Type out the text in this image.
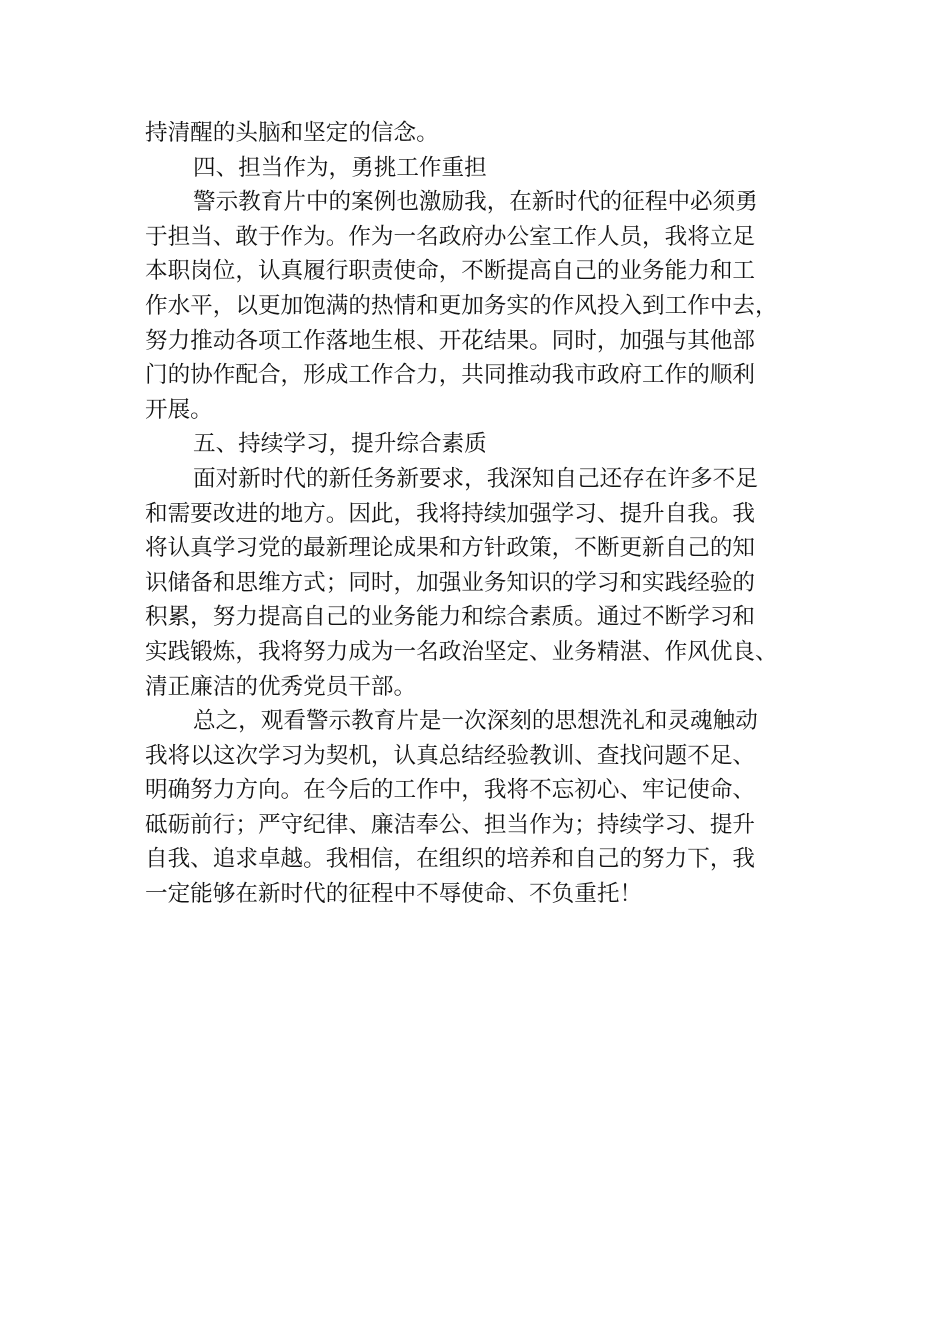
持清醒的头脑和坚定的信念。
四、担当作为，勇挑工作重担
警示教育片中的案例也激励我，在新时代的征程中必须勇
于担当、敢于作为。作为一名政府办公室工作人员，我将立足
本职岗位，认真履行职责使命，不断提高自己的业务能力和工
作水平，以更加饱满的热情和更加务实的作风投入到工作中去，
努力推动各项工作落地生根、开花结果。同时，加强与其他部
门的协作配合，形成工作合力，共同推动我市政府工作的顺利
开展。
五、持续学习，提升综合素质
面对新时代的新任务新要求，我深知自己还存在许多不足
和需要改进的地方。因此，我将持续加强学习、提升自我。我
将认真学习党的最新理论成果和方针政策，不断更新自己的知
识储备和思维方式；同时，加强业务知识的学习和实践经验的
积累，努力提高自己的业务能力和综合素质。通过不断学习和
实践锻炼，我将努力成为一名政治坚定、业务精湛、作风优良、
清正廉洁的优秀党员干部。
总之，观看警示教育片是一次深刻的思想洗礼和灵魂触动
我将以这次学习为契机，认真总结经验教训、查找问题不足、
明确努力方向。在今后的工作中，我将不忘初心、牢记使命、
砥砺前行；严守纪律、廉洁奉公、担当作为；持续学习、提升
自我、追求卓越。我相信，在组织的培养和自己的努力下，我
一定能够在新时代的征程中不辱使命、不负重托！
